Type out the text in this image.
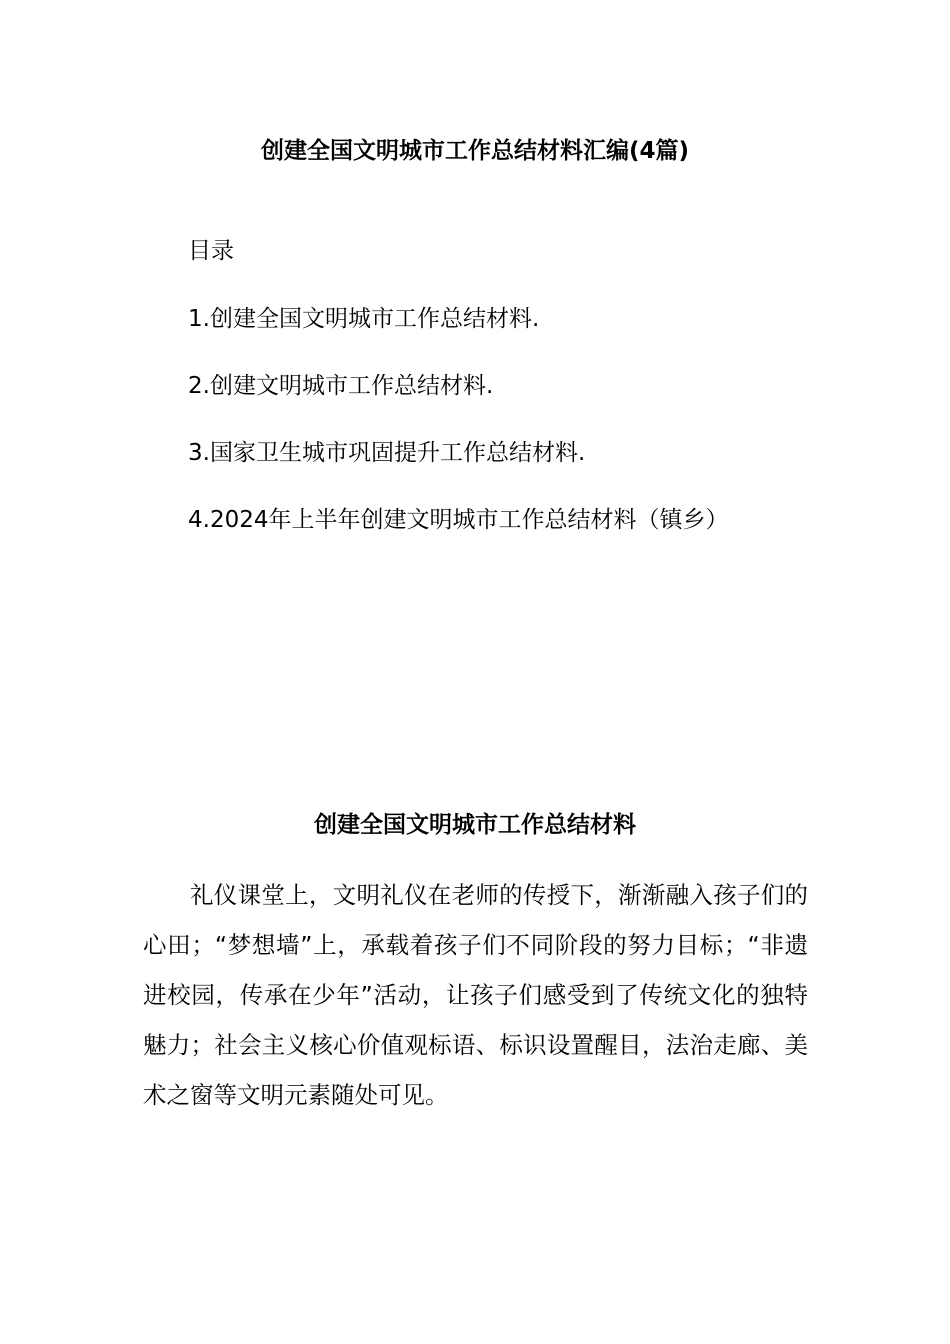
创建全国文明城市工作总结材料汇编(4篇)
目录
1.创建全国文明城市工作总结材料.
2.创建文明城市工作总结材料.
3.国家卫生城市巩固提升工作总结材料.
4.2024年上半年创建文明城市工作总结材料（镇乡）
创建全国文明城市工作总结材料

礼仪课堂上，文明礼仪在老师的传授下，渐渐融入孩子们的心田；“梦想墙”上，承载着孩子们不同阶段的努力目标；“非遗进校园，传承在少年”活动，让孩子们感受到了传统文化的独特魅力；社会主义核心价值观标语、标识设置醒目，法治走廊、美术之窗等文明元素随处可见。
